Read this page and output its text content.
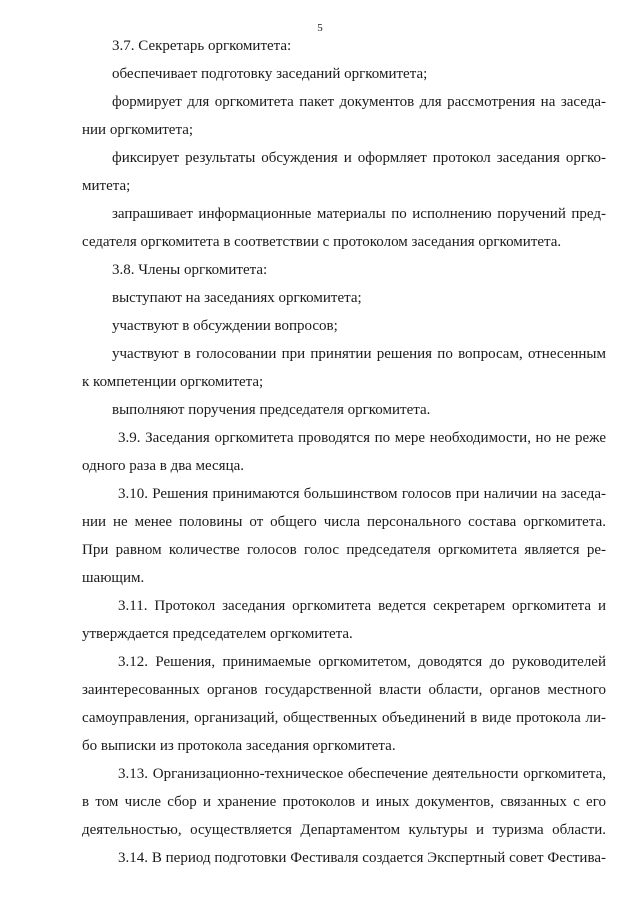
5
3.7. Секретарь оргкомитета:
обеспечивает подготовку заседаний оргкомитета;
формирует для оргкомитета пакет документов для рассмотрения на заседа-
нии оргкомитета;
фиксирует результаты обсуждения и оформляет протокол заседания оргко-
митета;
запрашивает информационные материалы по исполнению поручений пред-
седателя оргкомитета в соответствии с протоколом заседания оргкомитета.
3.8. Члены оргкомитета:
выступают на заседаниях оргкомитета;
участвуют в обсуждении вопросов;
участвуют в голосовании при принятии решения по вопросам, отнесенным
к компетенции оргкомитета;
выполняют поручения председателя оргкомитета.
3.9. Заседания оргкомитета проводятся по мере необходимости, но не реже
одного раза в два месяца.
3.10. Решения принимаются большинством голосов при наличии на заседа-
нии не менее половины от общего числа персонального состава оргкомитета.
При равном количестве голосов голос председателя оргкомитета является ре-
шающим.
3.11. Протокол заседания оргкомитета ведется секретарем оргкомитета и
утверждается председателем оргкомитета.
3.12. Решения, принимаемые оргкомитетом, доводятся до руководителей
заинтересованных органов государственной власти области, органов местного
самоуправления, организаций, общественных объединений в виде протокола ли-
бо выписки из протокола заседания оргкомитета.
3.13. Организационно-техническое обеспечение деятельности оргкомитета,
в том числе сбор и хранение протоколов и иных документов, связанных с его
деятельностью, осуществляется Департаментом культуры и туризма области.
3.14. В период подготовки Фестиваля создается Экспертный совет Фестива-
